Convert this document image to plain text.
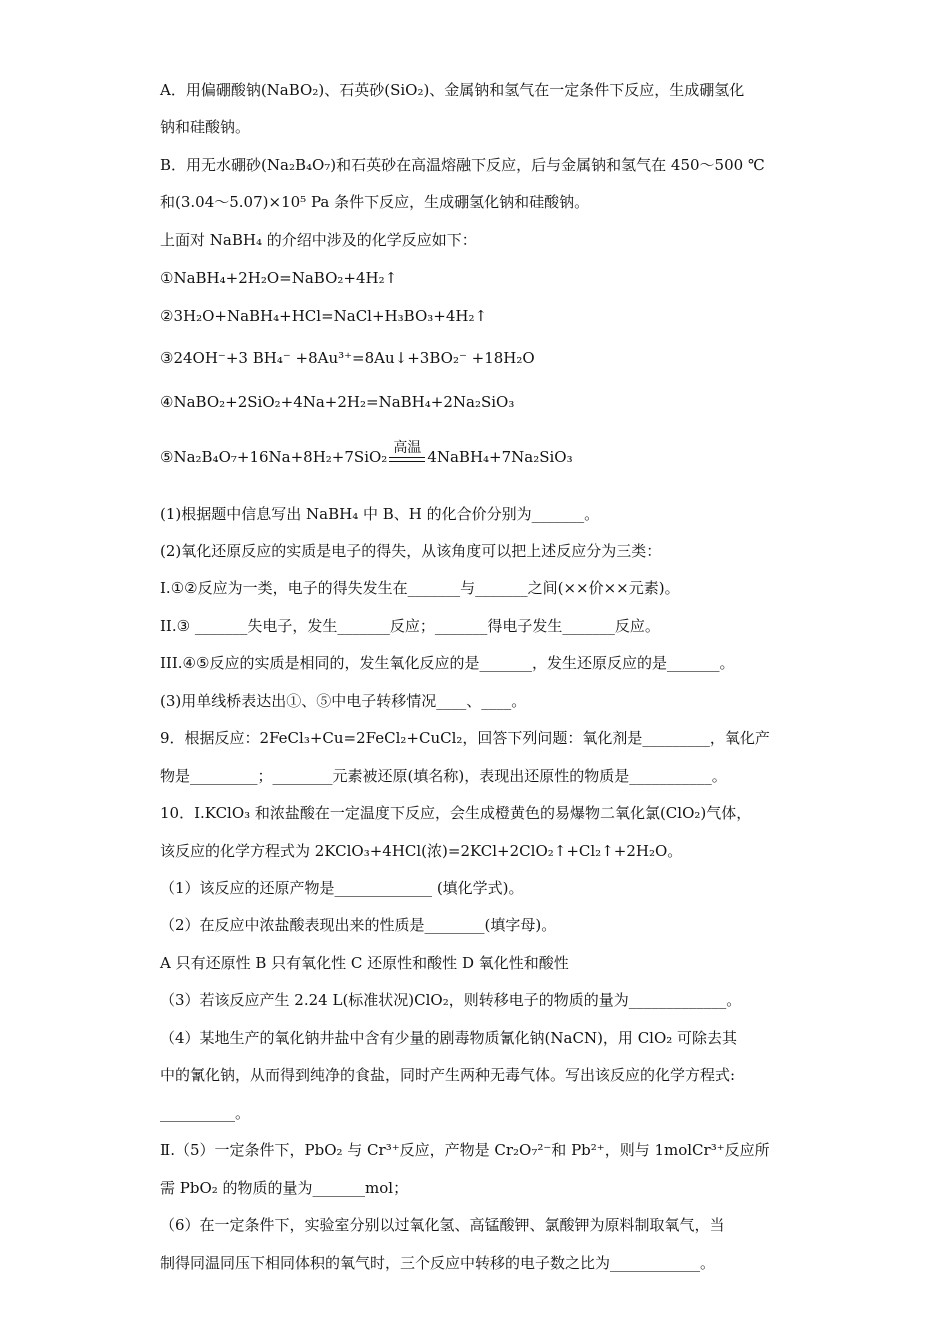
A．用偏硼酸钠(NaBO₂)、石英砂(SiO₂)、金属钠和氢气在一定条件下反应，生成硼氢化
钠和硅酸钠。
B．用无水硼砂(Na₂B₄O₇)和石英砂在高温熔融下反应，后与金属钠和氢气在 450～500 ℃
和(3.04～5.07)×10⁵ Pa 条件下反应，生成硼氢化钠和硅酸钠。
上面对 NaBH₄ 的介绍中涉及的化学反应如下：
①NaBH₄+2H₂O=NaBO₂+4H₂↑
②3H₂O+NaBH₄+HCl=NaCl+H₃BO₃+4H₂↑
③24OH⁻+3 BH₄⁻ +8Au³⁺=8Au↓+3BO₂⁻ +18H₂O
④NaBO₂+2SiO₂+4Na+2H₂=NaBH₄+2Na₂SiO₃
⑤Na₂B₄O₇+16Na+8H₂+7SiO₂ 高温 4NaBH₄+7Na₂SiO₃
(1)根据题中信息写出 NaBH₄ 中 B、H 的化合价分别为_______。
(2)氧化还原反应的实质是电子的得失，从该角度可以把上述反应分为三类：
I.①②反应为一类，电子的得失发生在_______与_______之间(××价××元素)。
II.③ _______失电子，发生_______反应；_______得电子发生_______反应。
III.④⑤反应的实质是相同的，发生氧化反应的是_______，发生还原反应的是_______。
(3)用单线桥表达出①、⑤中电子转移情况____、____。
9．根据反应：2FeCl₃+Cu=2FeCl₂+CuCl₂，回答下列问题：氧化剂是_________，氧化产
物是_________；________元素被还原(填名称)，表现出还原性的物质是___________。
10．Ⅰ.KClO₃ 和浓盐酸在一定温度下反应，会生成橙黄色的易爆物二氧化氯(ClO₂)气体，
该反应的化学方程式为 2KClO₃+4HCl(浓)=2KCl+2ClO₂↑+Cl₂↑+2H₂O。
（1）该反应的还原产物是_____________ (填化学式)。
（2）在反应中浓盐酸表现出来的性质是________(填字母)。
A 只有还原性 B 只有氧化性 C 还原性和酸性 D 氧化性和酸性
（3）若该反应产生 2.24 L(标准状况)ClO₂，则转移电子的物质的量为_____________。
（4）某地生产的氧化钠井盐中含有少量的剧毒物质氰化钠(NaCN)，用 ClO₂ 可除去其
中的氰化钠，从而得到纯净的食盐，同时产生两种无毒气体。写出该反应的化学方程式:
__________。
Ⅱ.（5）一定条件下，PbO₂ 与 Cr³⁺反应，产物是 Cr₂O₇²⁻和 Pb²⁺，则与 1molCr³⁺反应所
需 PbO₂ 的物质的量为_______mol；
（6）在一定条件下，实验室分别以过氧化氢、高锰酸钾、氯酸钾为原料制取氧气，当
制得同温同压下相同体积的氧气时，三个反应中转移的电子数之比为____________。
